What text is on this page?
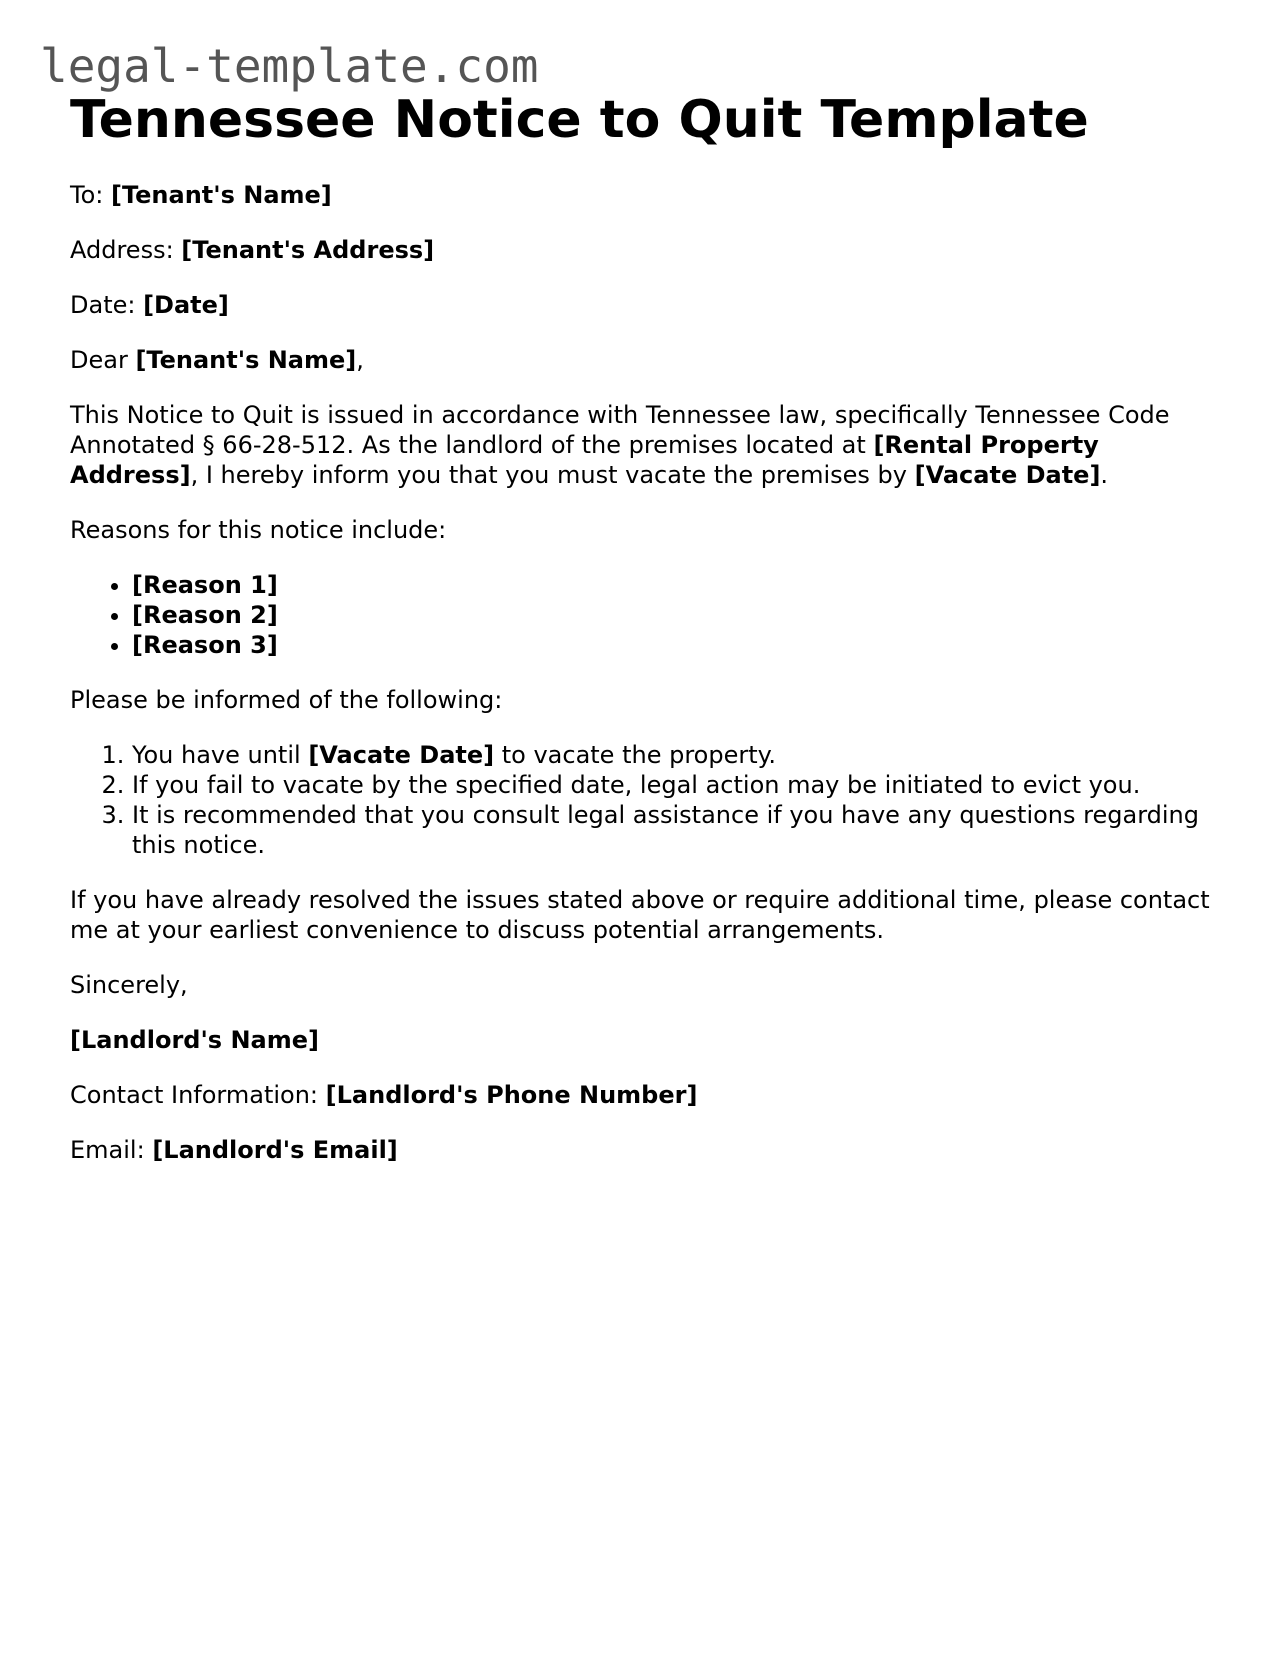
legal-template.com
Tennessee Notice to Quit Template

To: [Tenant's Name]

Address: [Tenant's Address]

Date: [Date]

Dear [Tenant's Name],

This Notice to Quit is issued in accordance with Tennessee law, specifically Tennessee Code Annotated § 66-28-512. As the landlord of the premises located at [Rental Property Address], I hereby inform you that you must vacate the premises by [Vacate Date].

Reasons for this notice include:

• [Reason 1]
• [Reason 2]
• [Reason 3]

Please be informed of the following:

1. You have until [Vacate Date] to vacate the property.
2. If you fail to vacate by the specified date, legal action may be initiated to evict you.
3. It is recommended that you consult legal assistance if you have any questions regarding this notice.

If you have already resolved the issues stated above or require additional time, please contact me at your earliest convenience to discuss potential arrangements.

Sincerely,

[Landlord's Name]

Contact Information: [Landlord's Phone Number]

Email: [Landlord's Email]
